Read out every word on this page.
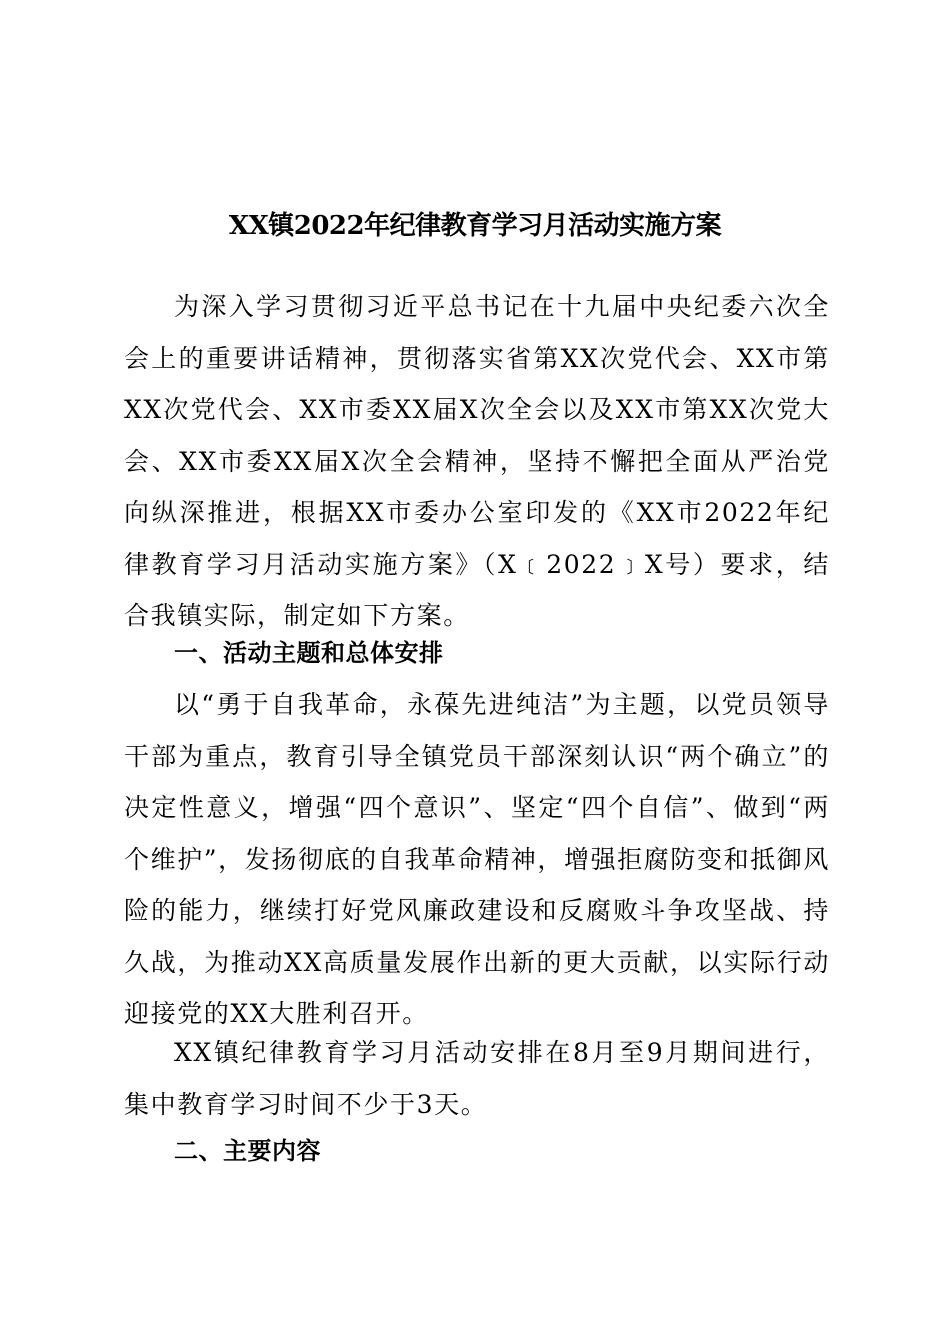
XX镇2022年纪律教育学习月活动实施方案

为深入学习贯彻习近平总书记在十九届中央纪委六次全会上的重要讲话精神，贯彻落实省第XX次党代会、XX市第XX次党代会、XX市委XX届X次全会以及XX市第XX次党大会、XX市委XX届X次全会精神，坚持不懈把全面从严治党向纵深推进，根据XX市委办公室印发的《XX市2022年纪律教育学习月活动实施方案》（X﹝2022﹞X号）要求，结合我镇实际，制定如下方案。

一、活动主题和总体安排

以“勇于自我革命，永葆先进纯洁”为主题，以党员领导干部为重点，教育引导全镇党员干部深刻认识“两个确立”的决定性意义，增强“四个意识”、坚定“四个自信”、做到“两个维护”，发扬彻底的自我革命精神，增强拒腐防变和抵御风险的能力，继续打好党风廉政建设和反腐败斗争攻坚战、持久战，为推动XX高质量发展作出新的更大贡献，以实际行动迎接党的XX大胜利召开。

XX镇纪律教育学习月活动安排在8月至9月期间进行，集中教育学习时间不少于3天。

二、主要内容
